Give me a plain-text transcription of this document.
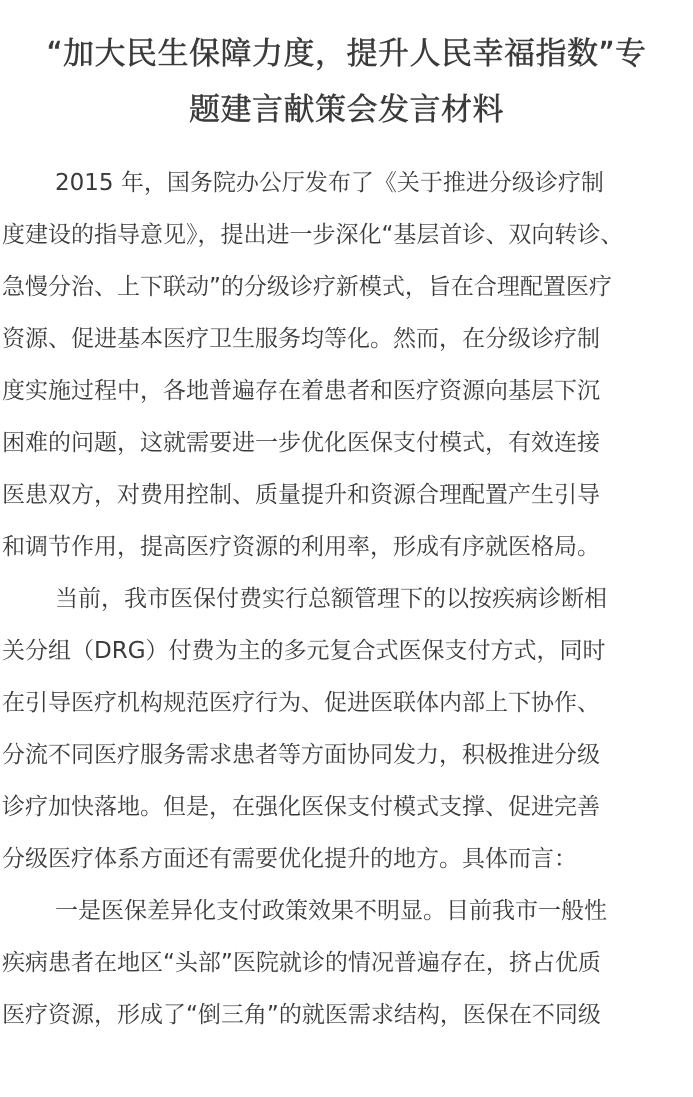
“加大民生保障力度，提升人民幸福指数”专
题建言献策会发言材料
2015 年，国务院办公厅发布了《关于推进分级诊疗制
度建设的指导意见》，提出进一步深化“基层首诊、双向转诊、
急慢分治、上下联动”的分级诊疗新模式，旨在合理配置医疗
资源、促进基本医疗卫生服务均等化。然而，在分级诊疗制
度实施过程中，各地普遍存在着患者和医疗资源向基层下沉
困难的问题，这就需要进一步优化医保支付模式，有效连接
医患双方，对费用控制、质量提升和资源合理配置产生引导
和调节作用，提高医疗资源的利用率，形成有序就医格局。
当前，我市医保付费实行总额管理下的以按疾病诊断相
关分组（DRG）付费为主的多元复合式医保支付方式，同时
在引导医疗机构规范医疗行为、促进医联体内部上下协作、
分流不同医疗服务需求患者等方面协同发力，积极推进分级
诊疗加快落地。但是，在强化医保支付模式支撑、促进完善
分级医疗体系方面还有需要优化提升的地方。具体而言：
一是医保差异化支付政策效果不明显。目前我市一般性
疾病患者在地区“头部”医院就诊的情况普遍存在，挤占优质
医疗资源，形成了“倒三角”的就医需求结构，医保在不同级
